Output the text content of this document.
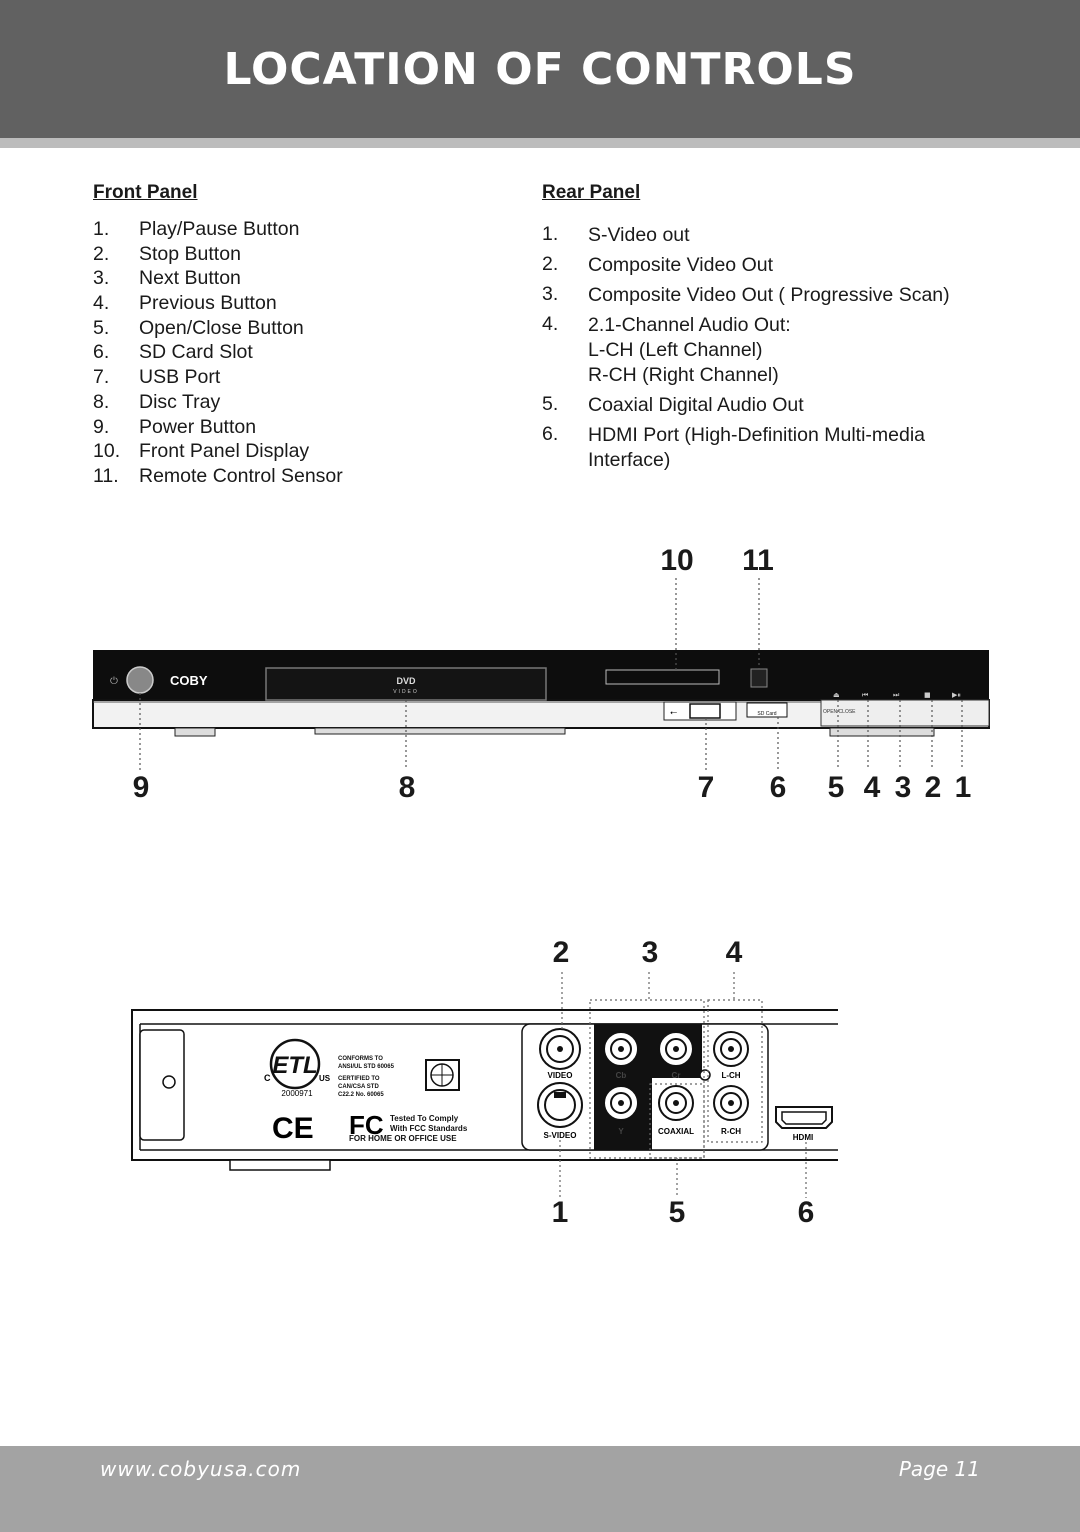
LOCATION OF CONTROLS
Front Panel
1. Play/Pause Button
2. Stop Button
3. Next Button
4. Previous Button
5. Open/Close Button
6. SD Card Slot
7. USB Port
8. Disc Tray
9. Power Button
10. Front Panel Display
11. Remote Control Sensor
Rear Panel
1. S-Video out
2. Composite Video Out
3. Composite Video Out ( Progressive Scan)
4. 2.1-Channel Audio Out:
L-CH (Left Channel)
R-CH (Right Channel)
5. Coaxial Digital Audio Out
6. HDMI Port (High-Definition Multi-media
Interface)
⏻	COBY	DVD
VIDEO	⏏	⏮	⏭	■	▶⏸
OPEN/CLOSE
⭠	SD Card
10 11
9	8	7 6 5 4 3 2 1
ETL
C	US
2000971
CONFORMS TO
ANSI/UL STD 60065
CERTIFIED TO
CAN/CSA STD
C22.2 No. 60065
CE FC Tested To Comply
With FCC Standards
FOR HOME OR OFFICE USE
VIDEO
S-VIDEO
Cb	Cr
Y	COAXIAL
L-CH
R-CH
HDMI
2 3 4
1	5	6
www.cobyusa.com	Page 11
